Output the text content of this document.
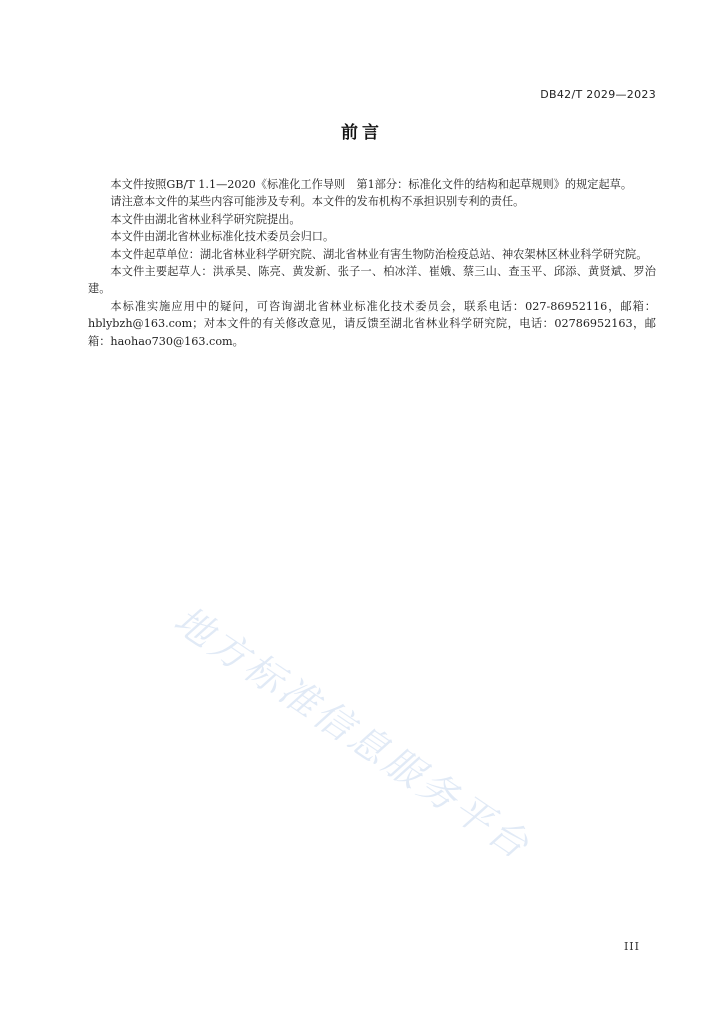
DB42/T 2029—2023
前言

本文件按照GB/T 1.1—2020《标准化工作导则　第1部分：标准化文件的结构和起草规则》的规定起草。

请注意本文件的某些内容可能涉及专利。本文件的发布机构不承担识别专利的责任。

本文件由湖北省林业科学研究院提出。

本文件由湖北省林业标准化技术委员会归口。

本文件起草单位：湖北省林业科学研究院、湖北省林业有害生物防治检疫总站、神农架林区林业科学研究院。

本文件主要起草人：洪承昊、陈亮、黄发新、张子一、柏冰洋、崔娥、蔡三山、查玉平、邱添、黄贤斌、罗治建。

本标准实施应用中的疑问，可咨询湖北省林业标准化技术委员会，联系电话：027-86952116，邮箱：hblybzh@163.com；对本文件的有关修改意见，请反馈至湖北省林业科学研究院，电话：02786952163，邮箱：haohao730@163.com。

地方标准信息服务平台
III
